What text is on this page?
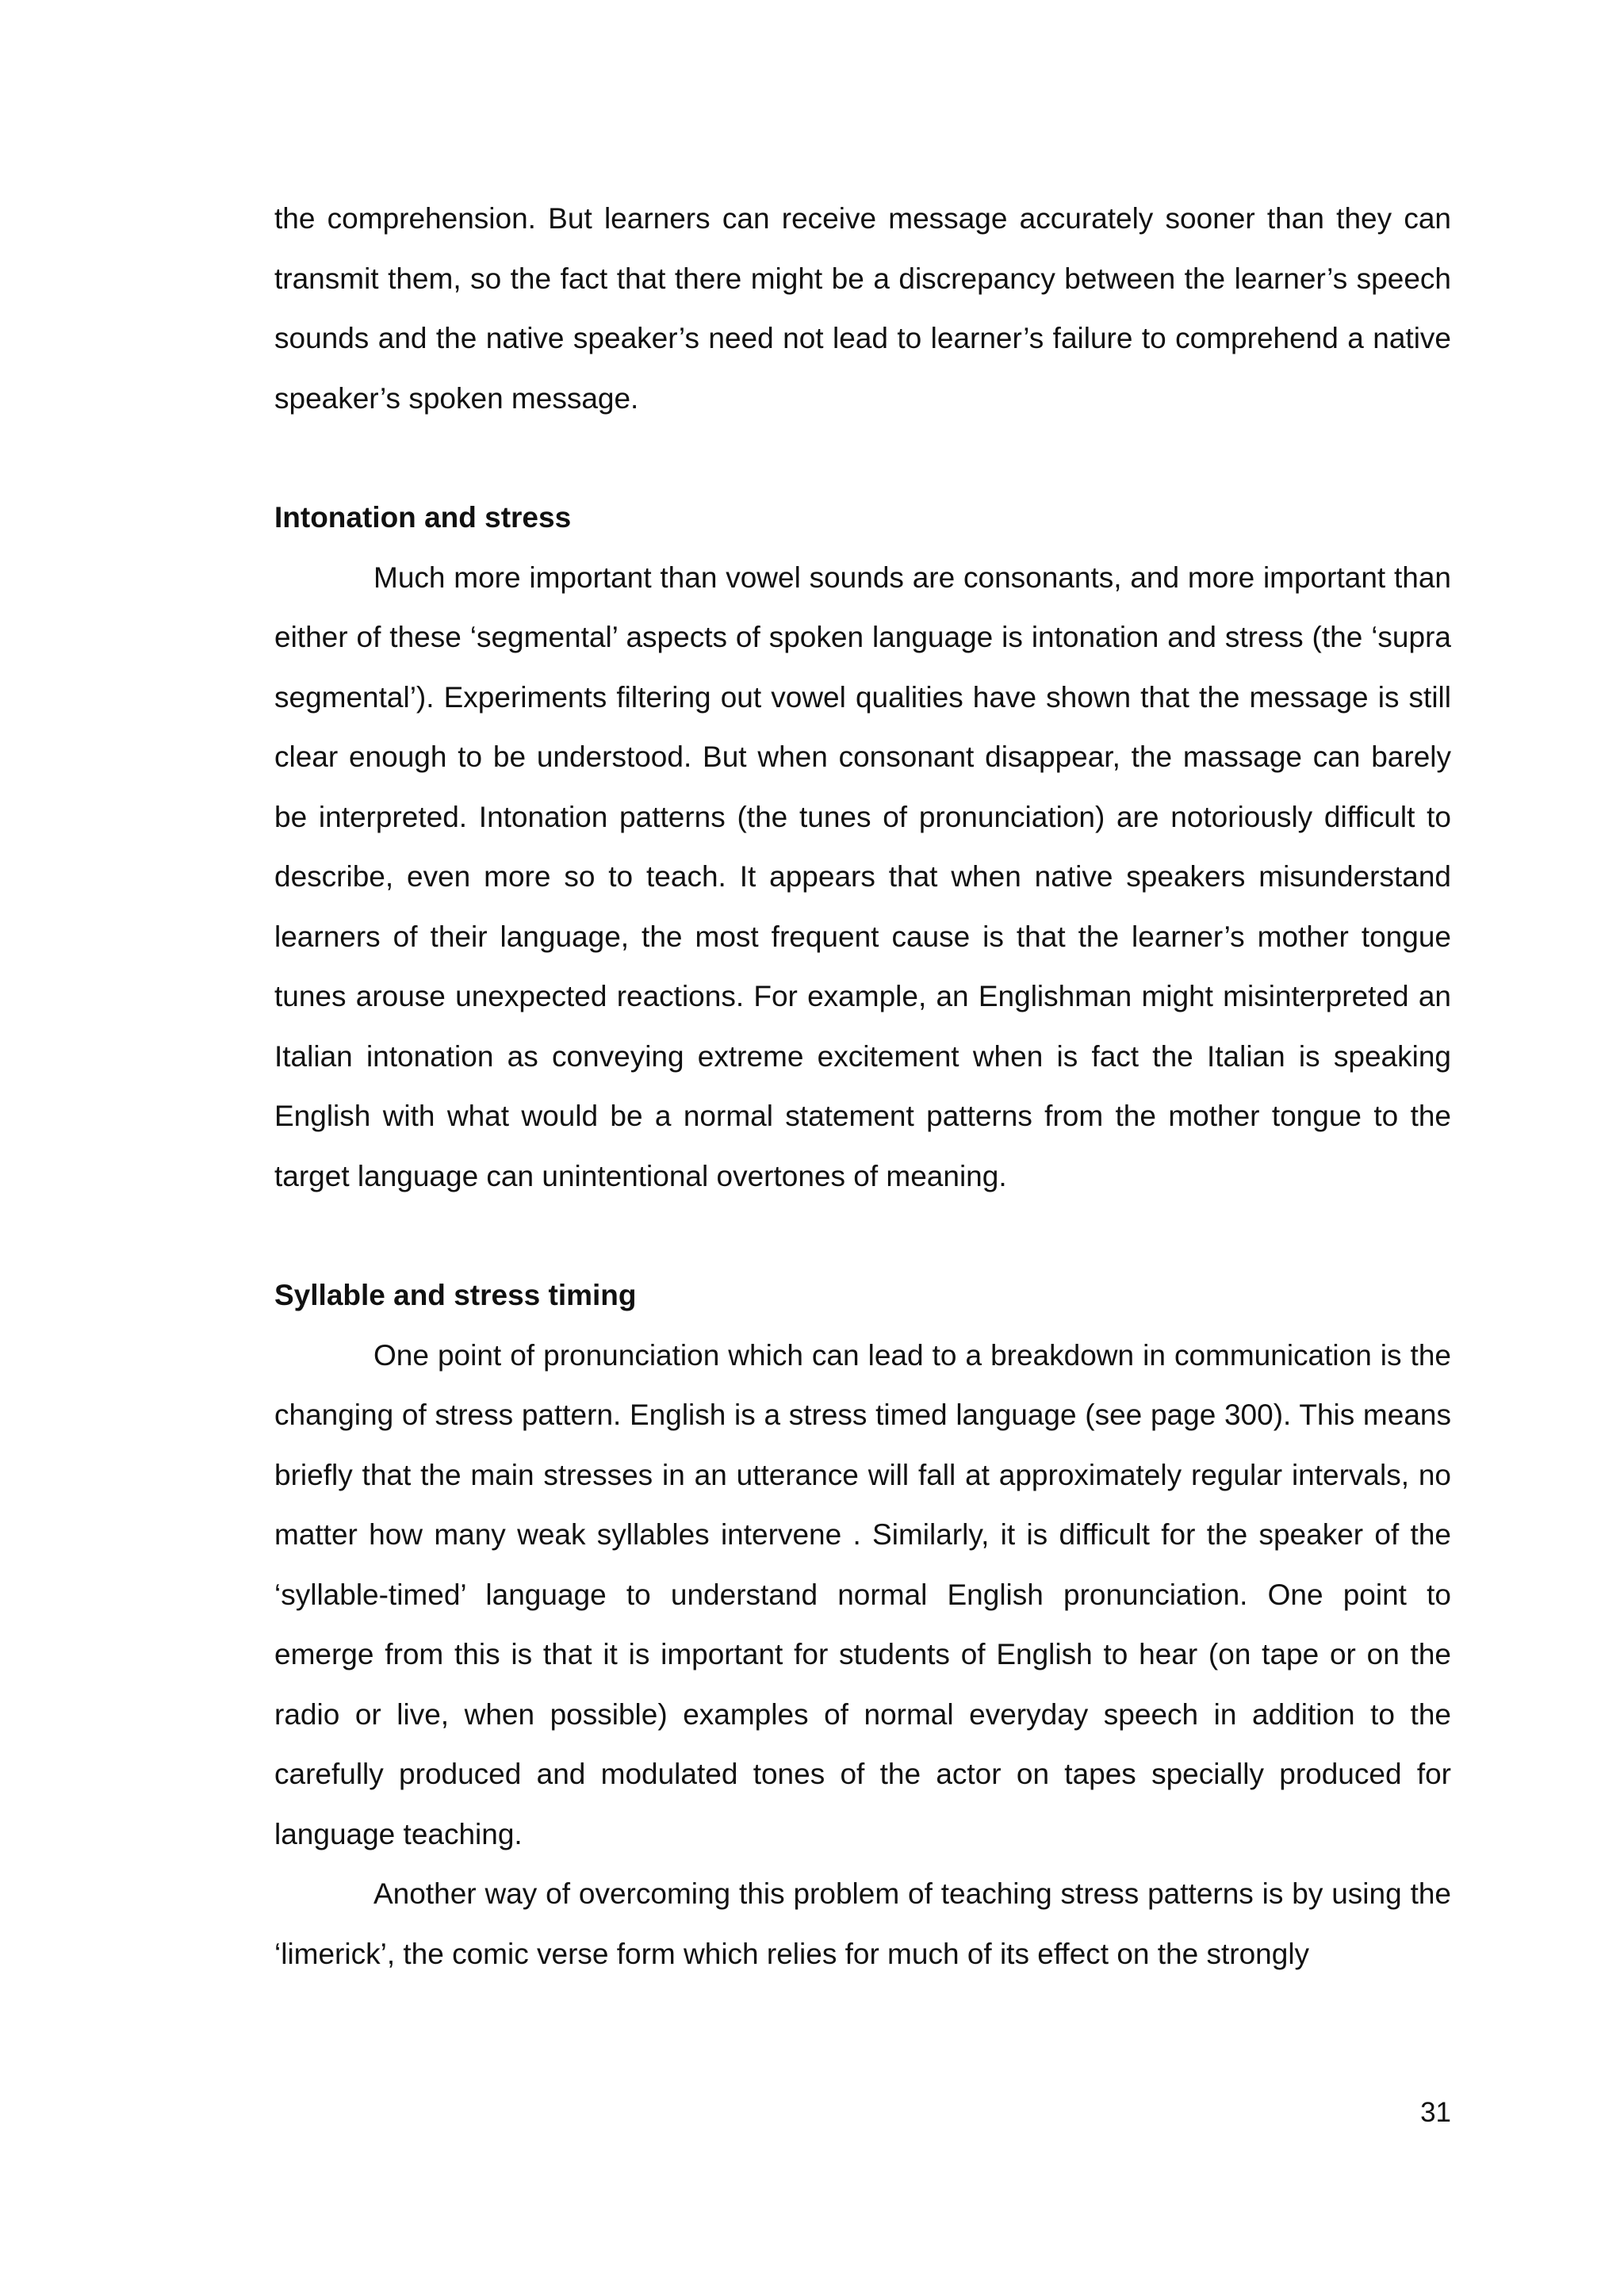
the comprehension. But learners can receive message accurately sooner than they can transmit them, so the fact that there might be a discrepancy between the learner’s speech sounds and the native speaker’s need not lead to learner’s failure to comprehend a native speaker’s spoken message.

Intonation and stress

Much more important than vowel sounds are consonants, and more important than either of these ‘segmental’ aspects of spoken language is intonation and stress (the ‘supra segmental’). Experiments filtering out vowel qualities have shown that the message is still clear enough to be understood. But when consonant disappear, the massage can barely be interpreted. Intonation patterns (the tunes of pronunciation) are notoriously difficult to describe, even more so to teach. It appears that when native speakers misunderstand learners of their language, the most frequent cause is that the learner’s mother tongue tunes arouse unexpected reactions. For example, an Englishman might misinterpreted an Italian intonation as conveying extreme excitement when is fact the Italian is speaking English with what would be a normal statement patterns from the mother tongue to the target language can unintentional overtones of meaning.

Syllable and stress timing

One point of pronunciation which can lead to a breakdown in communication is the changing of stress pattern. English is a stress timed language (see page 300). This means briefly that the main stresses in an utterance will fall at approximately regular intervals, no matter how many weak syllables intervene . Similarly, it is difficult for the speaker of the ‘syllable-timed’ language to understand normal English pronunciation. One point to emerge from this is that it is important for students of English to hear (on tape or on the radio or live, when possible) examples of normal everyday speech in addition to the carefully produced and modulated tones of the actor on tapes specially produced for language teaching.

Another way of overcoming this problem of teaching stress patterns is by using the ‘limerick’, the comic verse form which relies for much of its effect on the strongly

31
